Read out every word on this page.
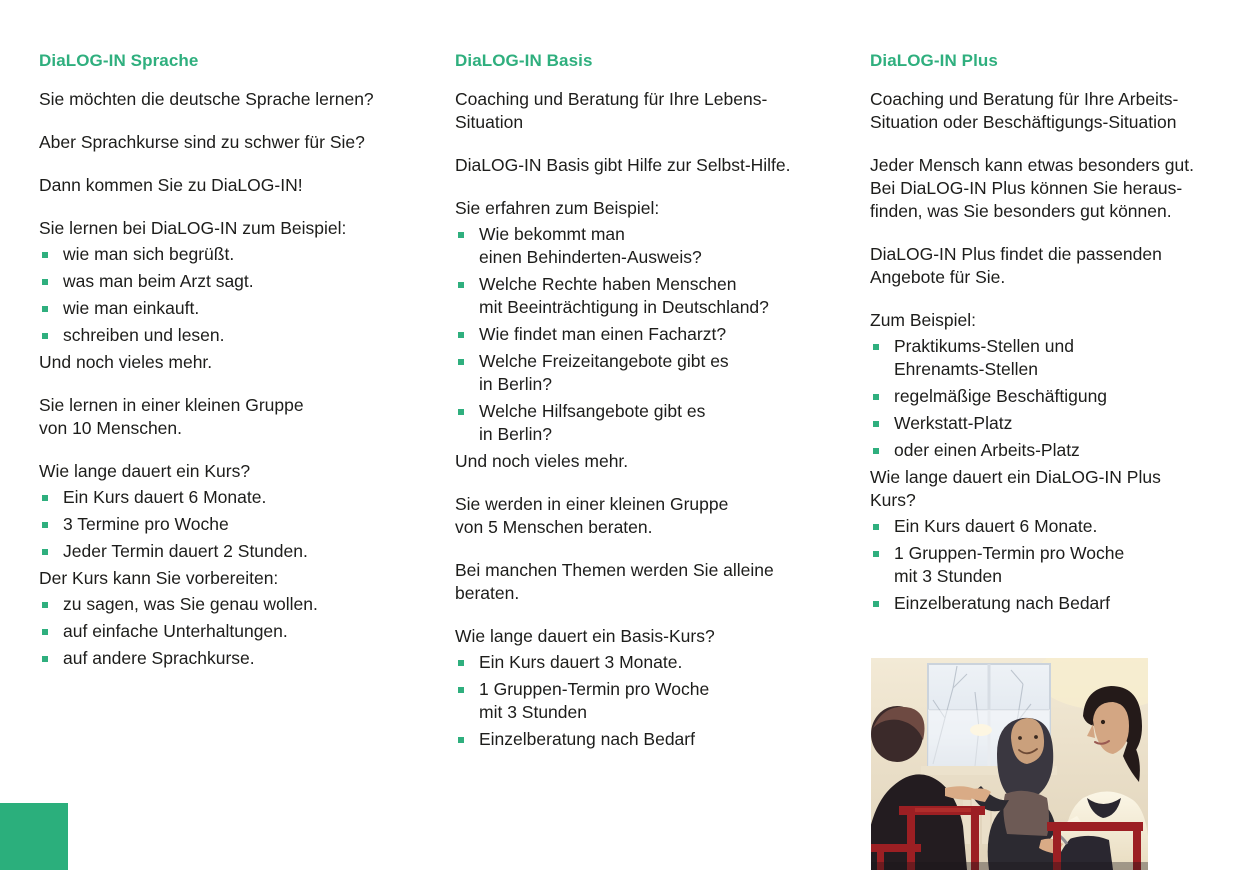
DiaLOG-IN Sprache

Sie möchten die deutsche Sprache lernen?

Aber Sprachkurse sind zu schwer für Sie?

Dann kommen Sie zu DiaLOG-IN!

Sie lernen bei DiaLOG-IN zum Beispiel:

wie man sich begrüßt.
was man beim Arzt sagt.
wie man einkauft.
schreiben und lesen.

Und noch vieles mehr.

Sie lernen in einer kleinen Gruppe
von 10 Menschen.

Wie lange dauert ein Kurs?

Ein Kurs dauert 6 Monate.
3 Termine pro Woche
Jeder Termin dauert 2 Stunden.

Der Kurs kann Sie vorbereiten:

zu sagen, was Sie genau wollen.
auf einfache Unterhaltungen.
auf andere Sprachkurse.
DiaLOG-IN Basis

Coaching und Beratung für Ihre Lebens-
Situation

DiaLOG-IN Basis gibt Hilfe zur Selbst-Hilfe.

Sie erfahren zum Beispiel:

Wie bekommt man
einen Behinderten-Ausweis?
Welche Rechte haben Menschen
mit Beeinträchtigung in Deutschland?
Wie findet man einen Facharzt?
Welche Freizeitangebote gibt es
in Berlin?
Welche Hilfsangebote gibt es
in Berlin?

Und noch vieles mehr.

Sie werden in einer kleinen Gruppe
von 5 Menschen beraten.

Bei manchen Themen werden Sie alleine
beraten.

Wie lange dauert ein Basis-Kurs?

Ein Kurs dauert 3 Monate.
1 Gruppen-Termin pro Woche
mit 3 Stunden
Einzelberatung nach Bedarf
DiaLOG-IN Plus

Coaching und Beratung für Ihre Arbeits-
Situation oder Beschäftigungs-Situation

Jeder Mensch kann etwas besonders gut.
Bei DiaLOG-IN Plus können Sie heraus-
finden, was Sie besonders gut können.

DiaLOG-IN Plus findet die passenden
Angebote für Sie.

Zum Beispiel:

Praktikums-Stellen und
Ehrenamts-Stellen
regelmäßige Beschäftigung
Werkstatt-Platz
oder einen Arbeits-Platz

Wie lange dauert ein DiaLOG-IN Plus Kurs?

Ein Kurs dauert 6 Monate.
1 Gruppen-Termin pro Woche
mit 3 Stunden
Einzelberatung nach Bedarf
